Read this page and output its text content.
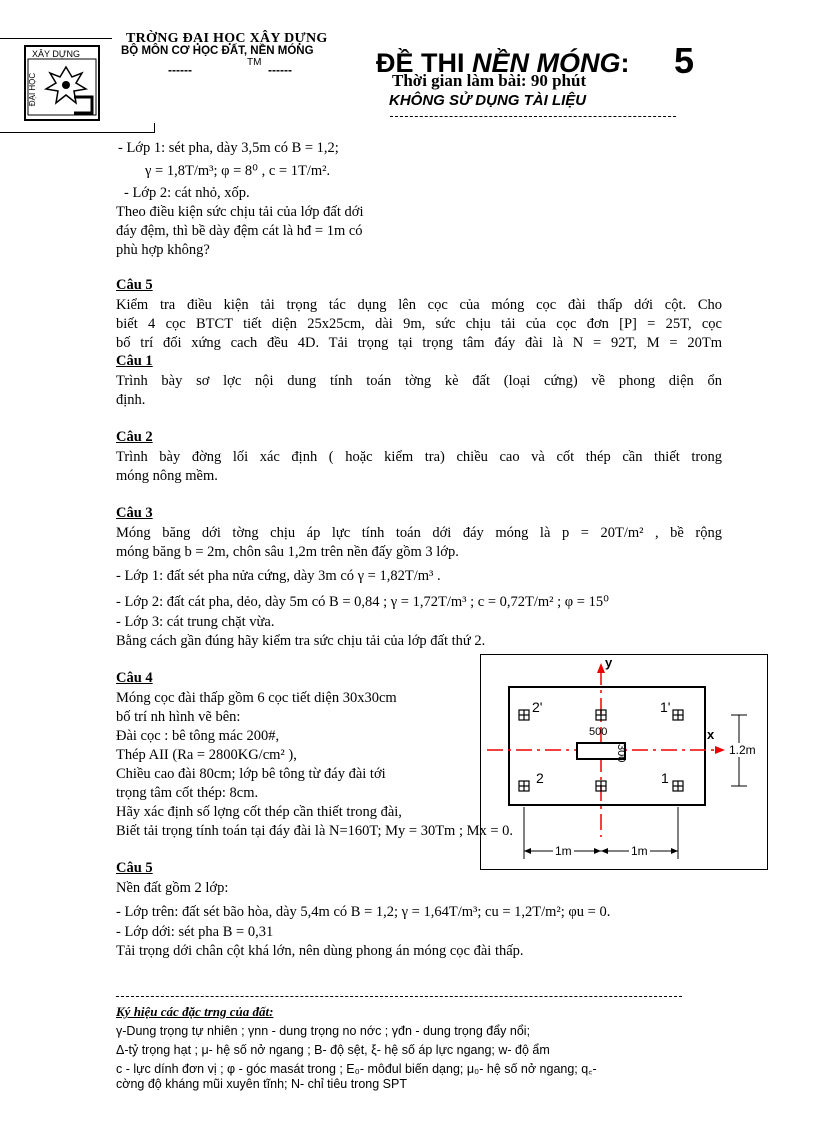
XÂY DỰNG
ĐẠI HỌC
TRỜNG ĐẠI HỌC XÂY DỰNG
BỘ MÔN CƠ HỌC ĐẤT, NỀN MÓNG
------
TM
------
Thời gian làm bài: 90 phút
ĐỀ THI NỀN MÓNG: 5
KHÔNG SỬ DỤNG TÀI LIỆU
- Lớp 1: sét pha, dày 3,5m có B = 1,2;
γ = 1,8T/m³; φ = 8⁰ , c = 1T/m².
- Lớp 2: cát nhỏ, xốp.
Theo điều kiện sức chịu tải của lớp đất dới
đáy đệm, thì bề dày đệm cát là hđ = 1m có
phù hợp không?
Câu 5
Kiểm tra điều kiện tải trọng tác dụng lên cọc của móng cọc đài thấp dới cột. Cho
biết 4 cọc BTCT tiết diện 25x25cm, dài 9m, sức chịu tải của cọc đơn [P] = 25T, cọc
bố trí đối xứng cach đều 4D. Tải trọng tại trọng tâm đáy đài là N = 92T, M = 20Tm
Câu 1
Trình bày sơ lợc nội dung tính toán tờng kè đất (loại cứng) về phong diện ổn
định.
Câu 2
Trình bày đờng lối xác định ( hoặc kiểm tra) chiều cao và cốt thép cần thiết trong
móng nông mềm.
Câu 3
Móng băng dới tờng chịu áp lực tính toán dới đáy móng là p = 20T/m² , bề rộng
móng băng b = 2m, chôn sâu 1,2m trên nền đấy gồm 3 lớp.
- Lớp 1: đất sét pha nửa cứng, dày 3m có γ = 1,82T/m³ .
- Lớp 2: đất cát pha, dẻo, dày 5m có B = 0,84 ; γ = 1,72T/m³ ; c = 0,72T/m² ; φ = 15⁰
- Lớp 3: cát trung chặt vừa.
Bằng cách gần đúng hãy kiểm tra sức chịu tải của lớp đất thứ 2.
Câu 4
Móng cọc đài thấp gồm 6 cọc tiết diện 30x30cm
bố trí nh hình vẽ bên:
Đài cọc : bê tông mác 200#,
Thép AII (Ra = 2800KG/cm² ),
Chiều cao đài 80cm; lớp bê tông từ đáy đài tới
trọng tâm cốt thép: 8cm.
Hãy xác định số lợng cốt thép cần thiết trong đài,
Biết tải trọng tính toán tại đáy đài là N=160T; My = 30Tm ; Mx = 0.
y
x
2'	1'
2	1
500
300	1.2m
1m	1m
Câu 5
Nền đất gồm 2 lớp:
- Lớp trên: đất sét bão hòa, dày 5,4m có B = 1,2; γ = 1,64T/m³; cu = 1,2T/m²; φu = 0.
- Lớp dới: sét pha B = 0,31
Tải trọng dới chân cột khá lớn, nên dùng phong án móng cọc đài thấp.
Ký hiệu các đặc trng của đất:
γ-Dung trọng tự nhiên ; γnn - dung trọng no nớc ; γđn - dung trọng đẩy nổi;
Δ-tỷ trọng hạt ; μ- hệ số nở ngang ; B- độ sệt, ξ- hệ số áp lực ngang; w- độ ẩm
c - lực dính đơn vị ; φ - góc masát trong ; E₀- môđul biến dạng; μ₀- hệ số nở ngang; q꜀-
cờng độ kháng mũi xuyên tĩnh; N- chỉ tiêu trong SPT
